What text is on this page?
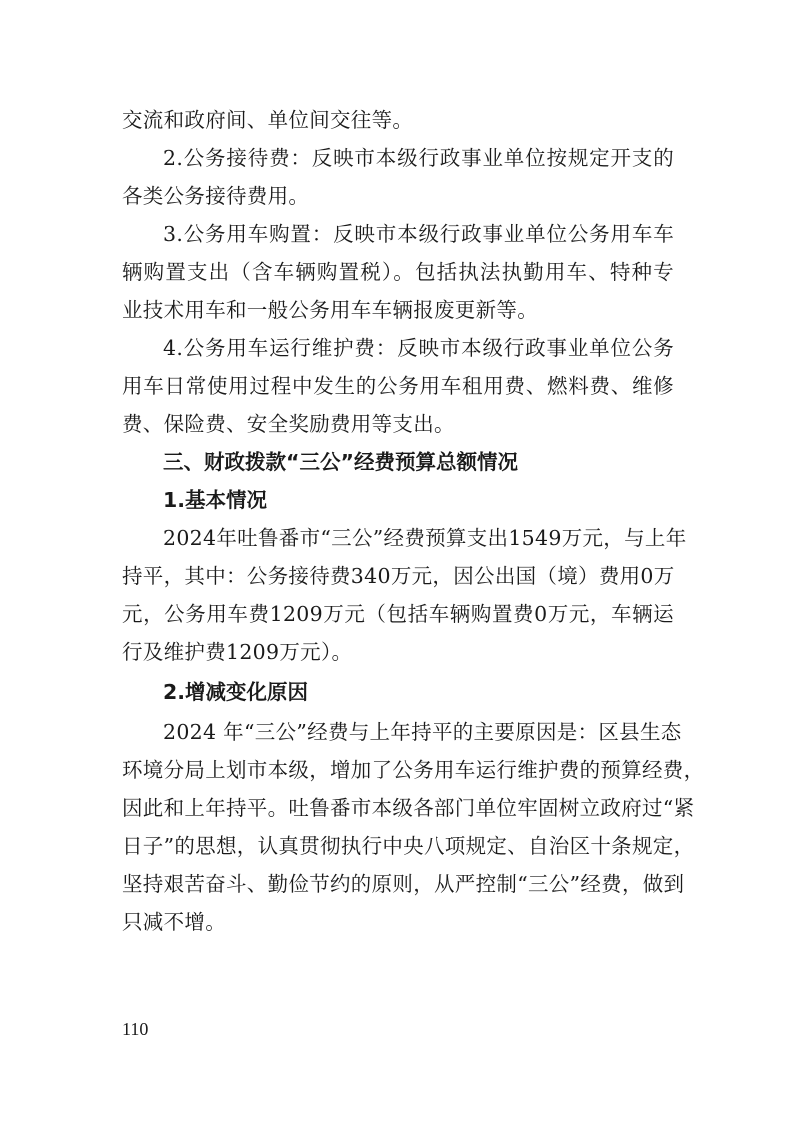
交流和政府间、单位间交往等。
2.公务接待费：反映市本级行政事业单位按规定开支的
各类公务接待费用。
3.公务用车购置：反映市本级行政事业单位公务用车车
辆购置支出（含车辆购置税）。包括执法执勤用车、特种专
业技术用车和一般公务用车车辆报废更新等。
4.公务用车运行维护费：反映市本级行政事业单位公务
用车日常使用过程中发生的公务用车租用费、燃料费、维修
费、保险费、安全奖励费用等支出。
三、财政拨款“三公”经费预算总额情况
1.基本情况
2024年吐鲁番市“三公”经费预算支出1549万元，与上年
持平，其中：公务接待费340万元，因公出国（境）费用0万
元，公务用车费1209万元（包括车辆购置费0万元，车辆运
行及维护费1209万元）。
2.增减变化原因
2024 年“三公”经费与上年持平的主要原因是：区县生态
环境分局上划市本级，增加了公务用车运行维护费的预算经费，
因此和上年持平。吐鲁番市本级各部门单位牢固树立政府过“紧
日子”的思想，认真贯彻执行中央八项规定、自治区十条规定，
坚持艰苦奋斗、勤俭节约的原则，从严控制“三公”经费，做到
只减不增。
110
